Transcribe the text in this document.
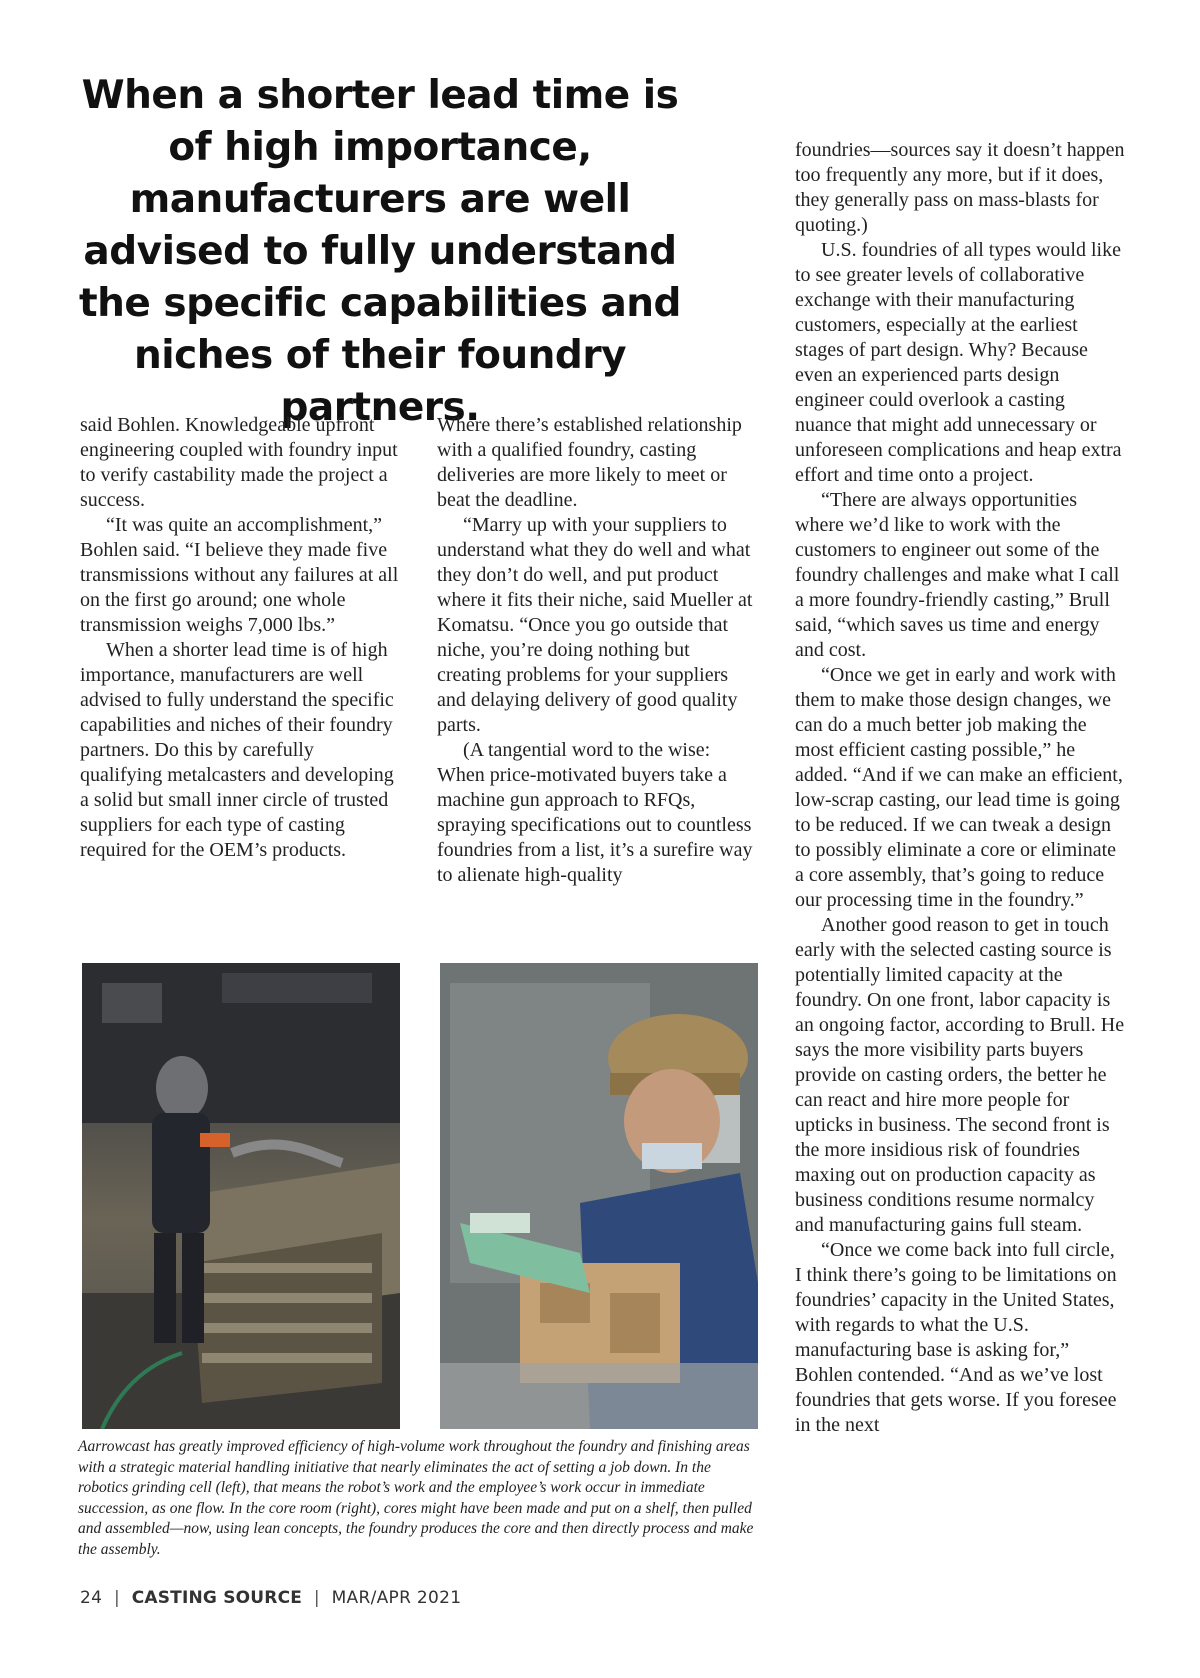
When a shorter lead time is of high importance, manufacturers are well advised to fully understand the specific capabilities and niches of their foundry partners.

said Bohlen. Knowledgeable upfront engineering coupled with foundry input to verify castability made the project a success.

“It was quite an accomplishment,” Bohlen said. “I believe they made five transmissions without any failures at all on the first go around; one whole transmission weighs 7,000 lbs.”

When a shorter lead time is of high importance, manufacturers are well advised to fully understand the specific capabilities and niches of their foundry partners. Do this by carefully qualifying metalcasters and developing a solid but small inner circle of trusted suppliers for each type of casting required for the OEM’s products.

Where there’s established relationship with a qualified foundry, casting deliveries are more likely to meet or beat the deadline.

“Marry up with your suppliers to understand what they do well and what they don’t do well, and put product where it fits their niche, said Mueller at Komatsu. “Once you go outside that niche, you’re doing nothing but creating problems for your suppliers and delaying delivery of good quality parts.

(A tangential word to the wise: When price-motivated buyers take a machine gun approach to RFQs, spraying specifications out to countless foundries from a list, it’s a surefire way to alienate high-quality

foundries—sources say it doesn’t happen too frequently any more, but if it does, they generally pass on mass-blasts for quoting.)

U.S. foundries of all types would like to see greater levels of collaborative exchange with their manufacturing customers, especially at the earliest stages of part design. Why? Because even an experienced parts design engineer could overlook a casting nuance that might add unnecessary or unforeseen complications and heap extra effort and time onto a project.

“There are always opportunities where we’d like to work with the customers to engineer out some of the foundry challenges and make what I call a more foundry-friendly casting,” Brull said, “which saves us time and energy and cost.

“Once we get in early and work with them to make those design changes, we can do a much better job making the most efficient casting possible,” he added. “And if we can make an efficient, low-scrap casting, our lead time is going to be reduced. If we can tweak a design to possibly eliminate a core or eliminate a core assembly, that’s going to reduce our processing time in the foundry.”

Another good reason to get in touch early with the selected casting source is potentially limited capacity at the foundry. On one front, labor capacity is an ongoing factor, according to Brull. He says the more visibility parts buyers provide on casting orders, the better he can react and hire more people for upticks in business. The second front is the more insidious risk of foundries maxing out on production capacity as business conditions resume normalcy and manufacturing gains full steam.

“Once we come back into full circle, I think there’s going to be limitations on foundries’ capacity in the United States, with regards to what the U.S. manufacturing base is asking for,” Bohlen contended. “And as we’ve lost foundries that gets worse. If you foresee in the next

Aarrowcast has greatly improved efficiency of high-volume work throughout the foundry and finishing areas with a strategic material handling initiative that nearly eliminates the act of setting a job down. In the robotics grinding cell (left), that means the robot’s work and the employee’s work occur in immediate succession, as one flow. In the core room (right), cores might have been made and put on a shelf, then pulled and assembled—now, using lean concepts, the foundry produces the core and then directly process and make the assembly.
24 | CASTING SOURCE | MAR/APR 2021
